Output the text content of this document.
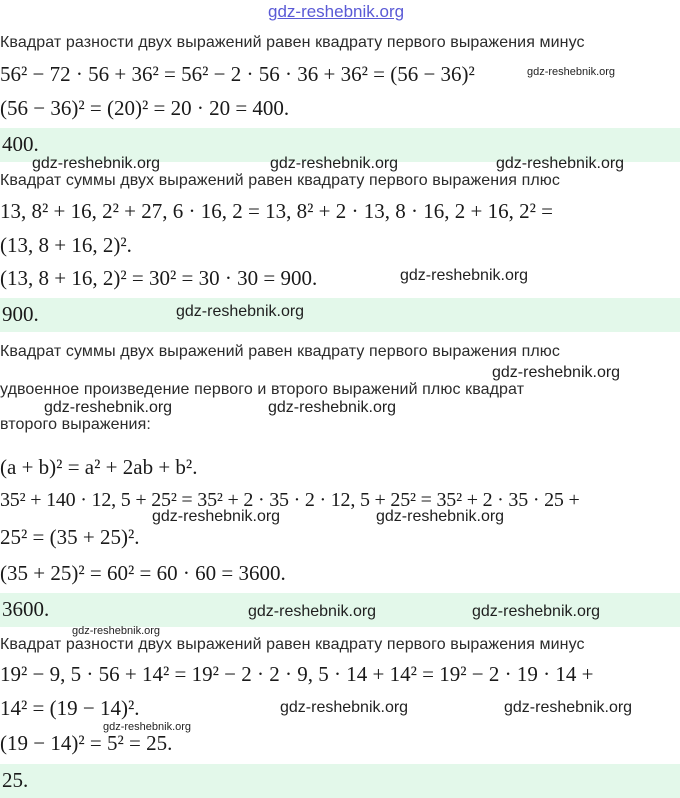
gdz-reshebnik.org
Квадрат разности двух выражений равен квадрату первого выражения минус
56² − 72 · 56 + 36² = 56² − 2 · 56 · 36 + 36² = (56 − 36)²	gdz-reshebnik.org
(56 − 36)² = (20)² = 20 · 20 = 400.
400.
gdz-reshebnik.org	gdz-reshebnik.org	gdz-reshebnik.org
Квадрат суммы двух выражений равен квадрату первого выражения плюс
13, 8² + 16, 2² + 27, 6 · 16, 2 = 13, 8² + 2 · 13, 8 · 16, 2 + 16, 2² =
(13, 8 + 16, 2)².
(13, 8 + 16, 2)² = 30² = 30 · 30 = 900.	gdz-reshebnik.org
900.	gdz-reshebnik.org
Квадрат суммы двух выражений равен квадрату первого выражения плюс
gdz-reshebnik.org
удвоенное произведение первого и второго выражений плюс квадрат
gdz-reshebnik.org	gdz-reshebnik.org
второго выражения:
(a + b)² = a² + 2ab + b².
35² + 140 · 12, 5 + 25² = 35² + 2 · 35 · 2 · 12, 5 + 25² = 35² + 2 · 35 · 25 +
gdz-reshebnik.org	gdz-reshebnik.org
25² = (35 + 25)².
(35 + 25)² = 60² = 60 · 60 = 3600.
3600.	gdz-reshebnik.org	gdz-reshebnik.org
gdz-reshebnik.org
Квадрат разности двух выражений равен квадрату первого выражения минус
19² − 9, 5 · 56 + 14² = 19² − 2 · 2 · 9, 5 · 14 + 14² = 19² − 2 · 19 · 14 +
14² = (19 − 14)².	gdz-reshebnik.org	gdz-reshebnik.org
gdz-reshebnik.org
(19 − 14)² = 5² = 25.
25.
